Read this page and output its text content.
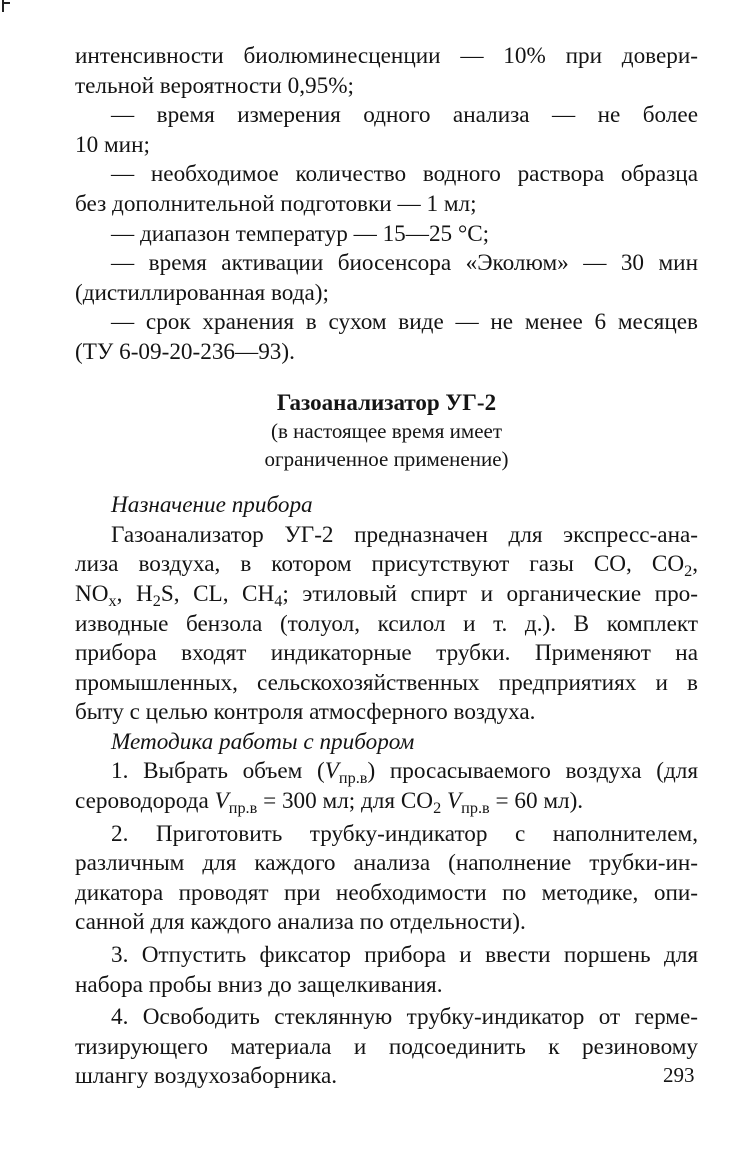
интенсивности биолюминесценции — 10% при довери-

тельной вероятности 0,95%;

— время измерения одного анализа — не более

10 мин;

— необходимое количество водного раствора образца

без дополнительной подготовки — 1 мл;

— диапазон температур — 15—25 °С;

— время активации биосенсора «Эколюм» — 30 мин

(дистиллированная вода);

— срок хранения в сухом виде — не менее 6 месяцев

(ТУ 6-09-20-236—93).

Газоанализатор УГ-2

(в настоящее время имеет

ограниченное применение)

Назначение прибора

Газоанализатор УГ-2 предназначен для экспресс-ана-

лиза воздуха, в котором присутствуют газы CO, $CO_2$,

$NO_x$, $H_2S$, CL, $CH_4$; этиловый спирт и органические про-

изводные бензола (толуол, ксилол и т. д.). В комплект

прибора входят индикаторные трубки. Применяют на

промышленных, сельскохозяйственных предприятиях и в

быту с целью контроля атмосферного воздуха.

Методика работы с прибором

1. Выбрать объем $(V_{пр.в})$ просасываемого воздуха (для

сероводорода $V_{пр.в} = 300$ мл; для $CO_2$ $V_{пр.в} = 60$ мл).

2. Приготовить трубку-индикатор с наполнителем,

различным для каждого анализа (наполнение трубки-ин-

дикатора проводят при необходимости по методике, опи-

санной для каждого анализа по отдельности).

3. Отпустить фиксатор прибора и ввести поршень для

набора пробы вниз до защелкивания.

4. Освободить стеклянную трубку-индикатор от герме-

тизирующего материала и подсоединить к резиновому

шлангу воздухозаборника.	293
